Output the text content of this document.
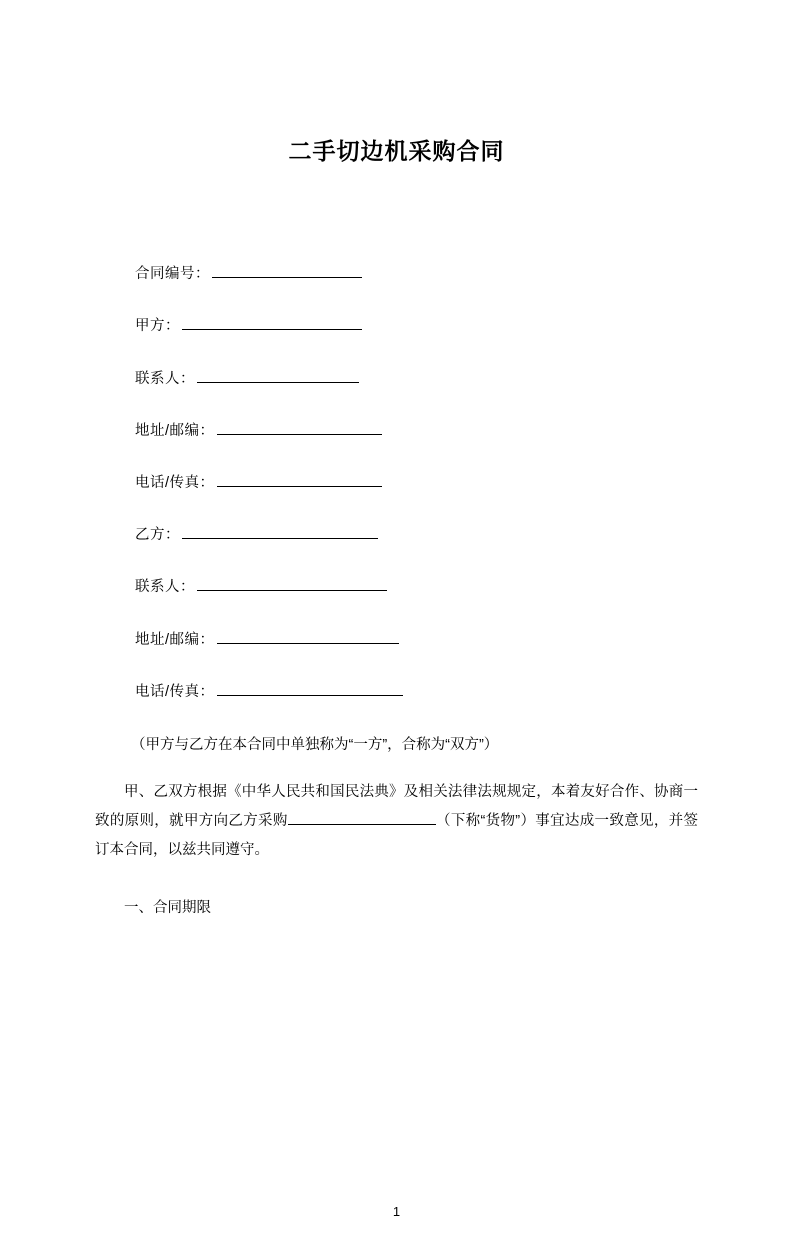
二手切边机采购合同
合同编号：
甲方：
联系人：
地址/邮编：
电话/传真：
乙方：
联系人：
地址/邮编：
电话/传真：
（甲方与乙方在本合同中单独称为“一方”，合称为“双方”）

甲、乙双方根据《中华人民共和国民法典》及相关法律法规规定，本着友好合作、协商一致的原则，就甲方向乙方采购	（下称“货物”）事宜达成一致意见，并签订本合同，以兹共同遵守。

一、合同期限
1
